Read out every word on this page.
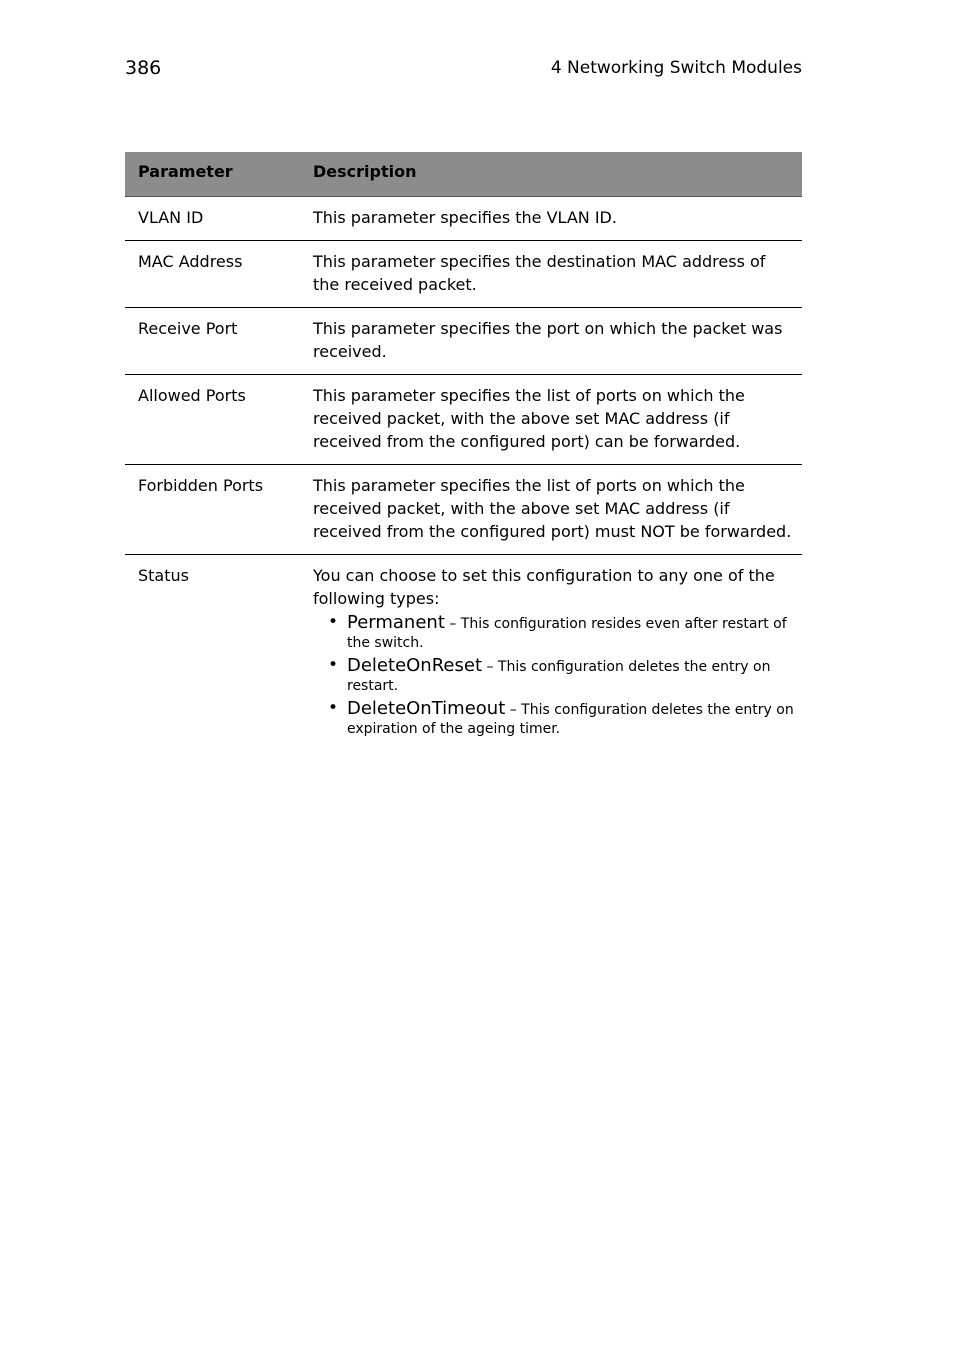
386	4 Networking Switch Modules
Parameter	Description
VLAN ID	This parameter specifies the VLAN ID.
MAC Address	This parameter specifies the destination MAC address of the received packet.
Receive Port	This parameter specifies the port on which the packet was received.
Allowed Ports	This parameter specifies the list of ports on which the received packet, with the above set MAC address (if received from the configured port) can be forwarded.
Forbidden Ports	This parameter specifies the list of ports on which the received packet, with the above set MAC address (if received from the configured port) must NOT be forwarded.
Status	You can choose to set this configuration to any one of the following types:
• Permanent – This configuration resides even after restart of the switch.
• DeleteOnReset – This configuration deletes the entry on restart.
• DeleteOnTimeout – This configuration deletes the entry on expiration of the ageing timer.
